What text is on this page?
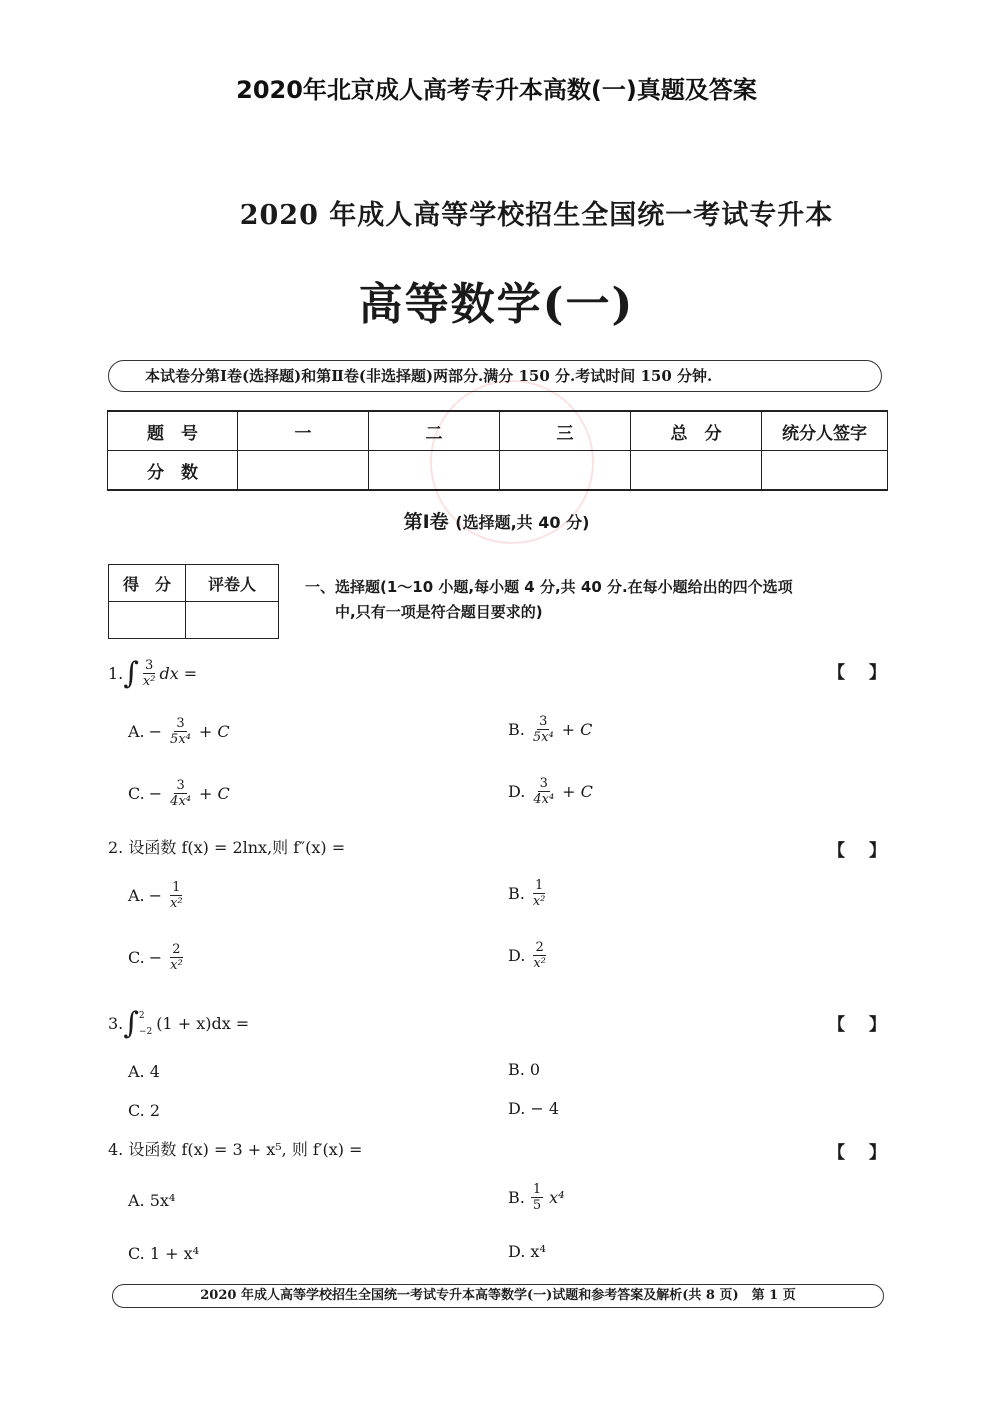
2020年北京成人高考专升本高数(一)真题及答案
2020 年成人高等学校招生全国统一考试专升本
高等数学(一)
本试卷分第Ⅰ卷(选择题)和第Ⅱ卷(非选择题)两部分.满分 150 分.考试时间 150 分钟.
题　号	一	二	三	总　分	统分人签字
分　数					
第Ⅰ卷 (选择题,共 40 分)
得　分	评卷人
		一、选择题(1～10 小题,每小题 4 分,共 40 分.在每小题给出的四个选项
中,只有一项是符合题目要求的)
1. ∫ $\frac{3}{\text{x²}}$ dx =	【】
A. − $\frac{3}{\text{5x⁴}} + C$	B. $\frac{3}{\text{5x⁴}} + C$
C. − $\frac{3}{\text{4x⁴}} + C$	D. $\frac{3}{\text{4x⁴}} + C$
2. 设函数 f(x) = 2lnx,则 f″(x) =	【】
A. − $\frac{1}{\text{x²}}$	B. $\frac{1}{\text{x²}}$
C. − $\frac{2}{\text{x²}}$	D. $\frac{2}{\text{x²}}$
3. ∫ 2
−2 (1 + x)dx =	【】
A. 4	B. 0
C. 2	D. − 4
4. 设函数 f(x) = 3 + x⁵, 则 f′(x) =	【】
A. 5x⁴	B. $\frac{1}{5} x^4$
C. 1 + x⁴	D. x⁴
2020 年成人高等学校招生全国统一考试专升本高等数学(一)试题和参考答案及解析(共 8 页)　第 1 页
